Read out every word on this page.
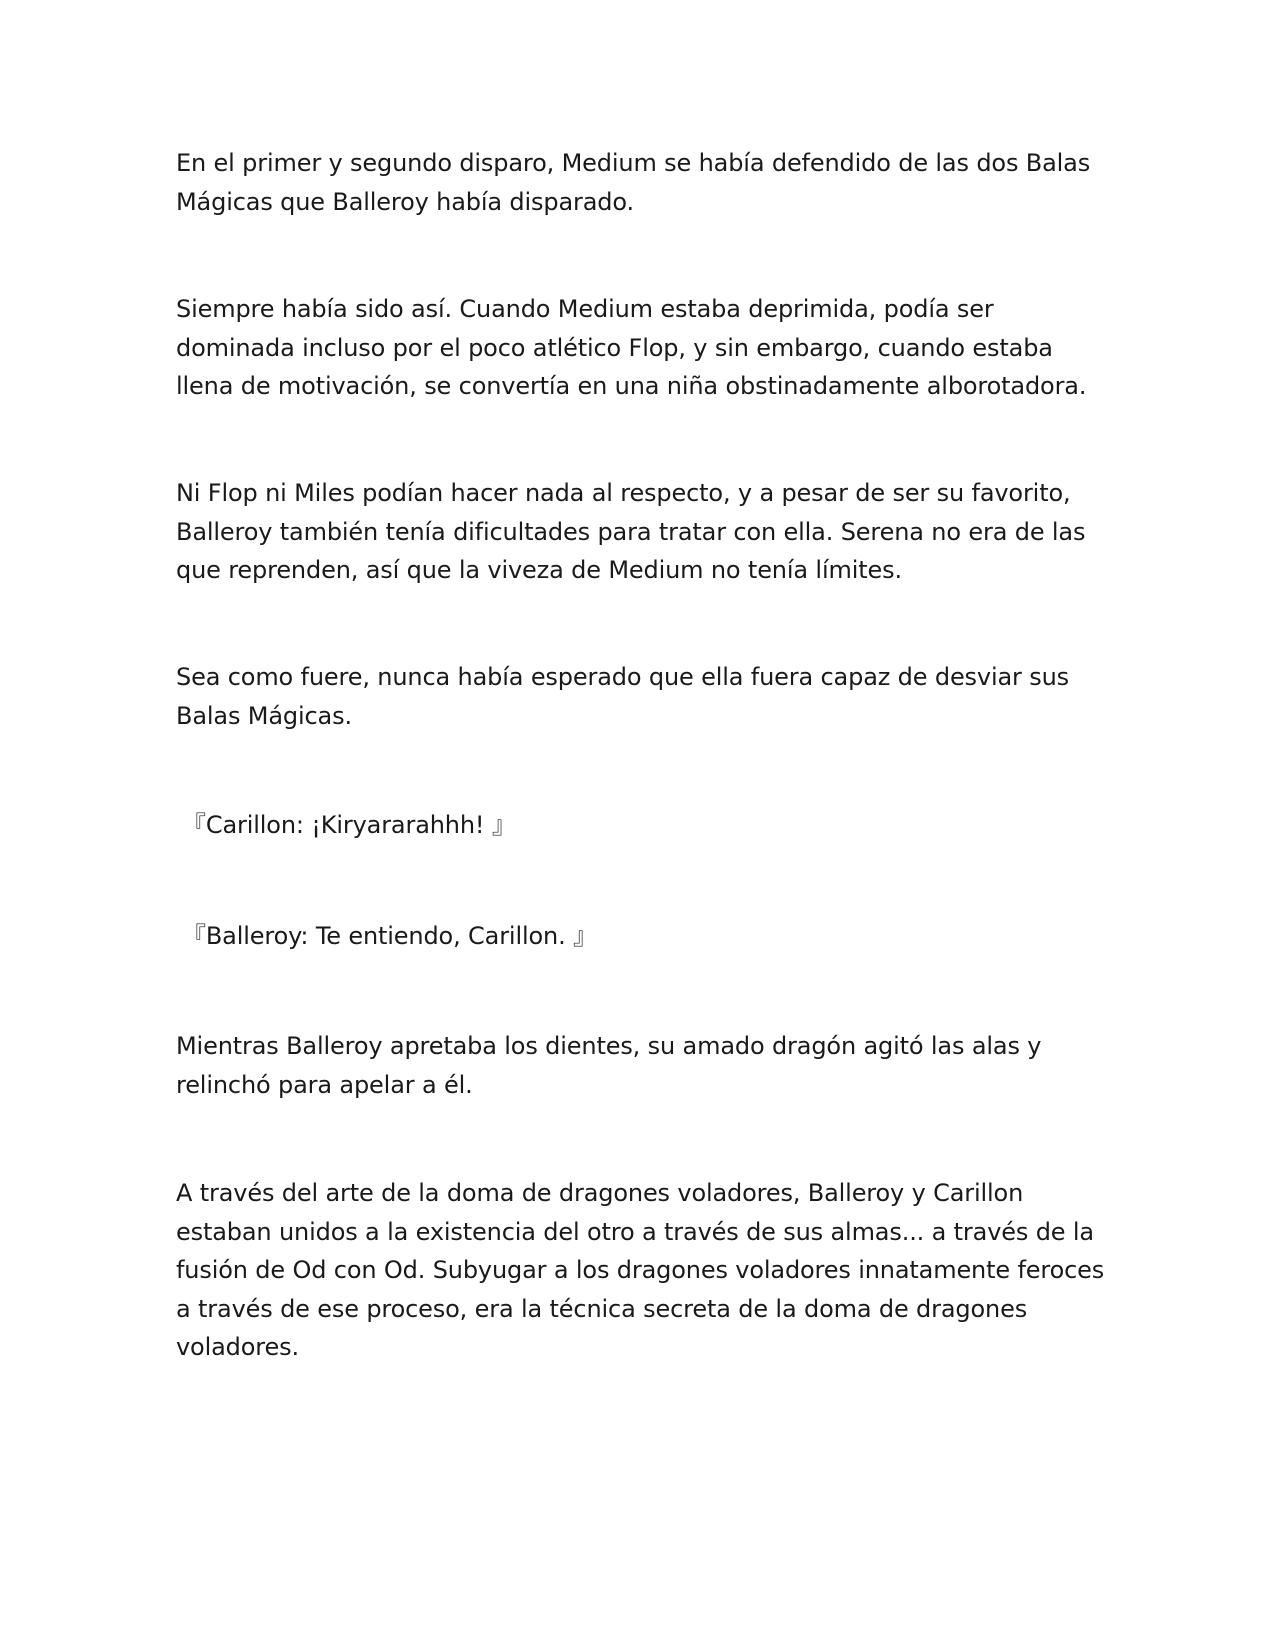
En el primer y segundo disparo, Medium se había defendido de las dos Balas
Mágicas que Balleroy había disparado.

Siempre había sido así. Cuando Medium estaba deprimida, podía ser
dominada incluso por el poco atlético Flop, y sin embargo, cuando estaba
llena de motivación, se convertía en una niña obstinadamente alborotadora.

Ni Flop ni Miles podían hacer nada al respecto, y a pesar de ser su favorito,
Balleroy también tenía dificultades para tratar con ella. Serena no era de las
que reprenden, así que la viveza de Medium no tenía límites.

Sea como fuere, nunca había esperado que ella fuera capaz de desviar sus
Balas Mágicas.

『Carillon: ¡Kiryararahhh! 』

『Balleroy: Te entiendo, Carillon. 』

Mientras Balleroy apretaba los dientes, su amado dragón agitó las alas y
relinchó para apelar a él.

A través del arte de la doma de dragones voladores, Balleroy y Carillon
estaban unidos a la existencia del otro a través de sus almas... a través de la
fusión de Od con Od. Subyugar a los dragones voladores innatamente feroces
a través de ese proceso, era la técnica secreta de la doma de dragones
voladores.
